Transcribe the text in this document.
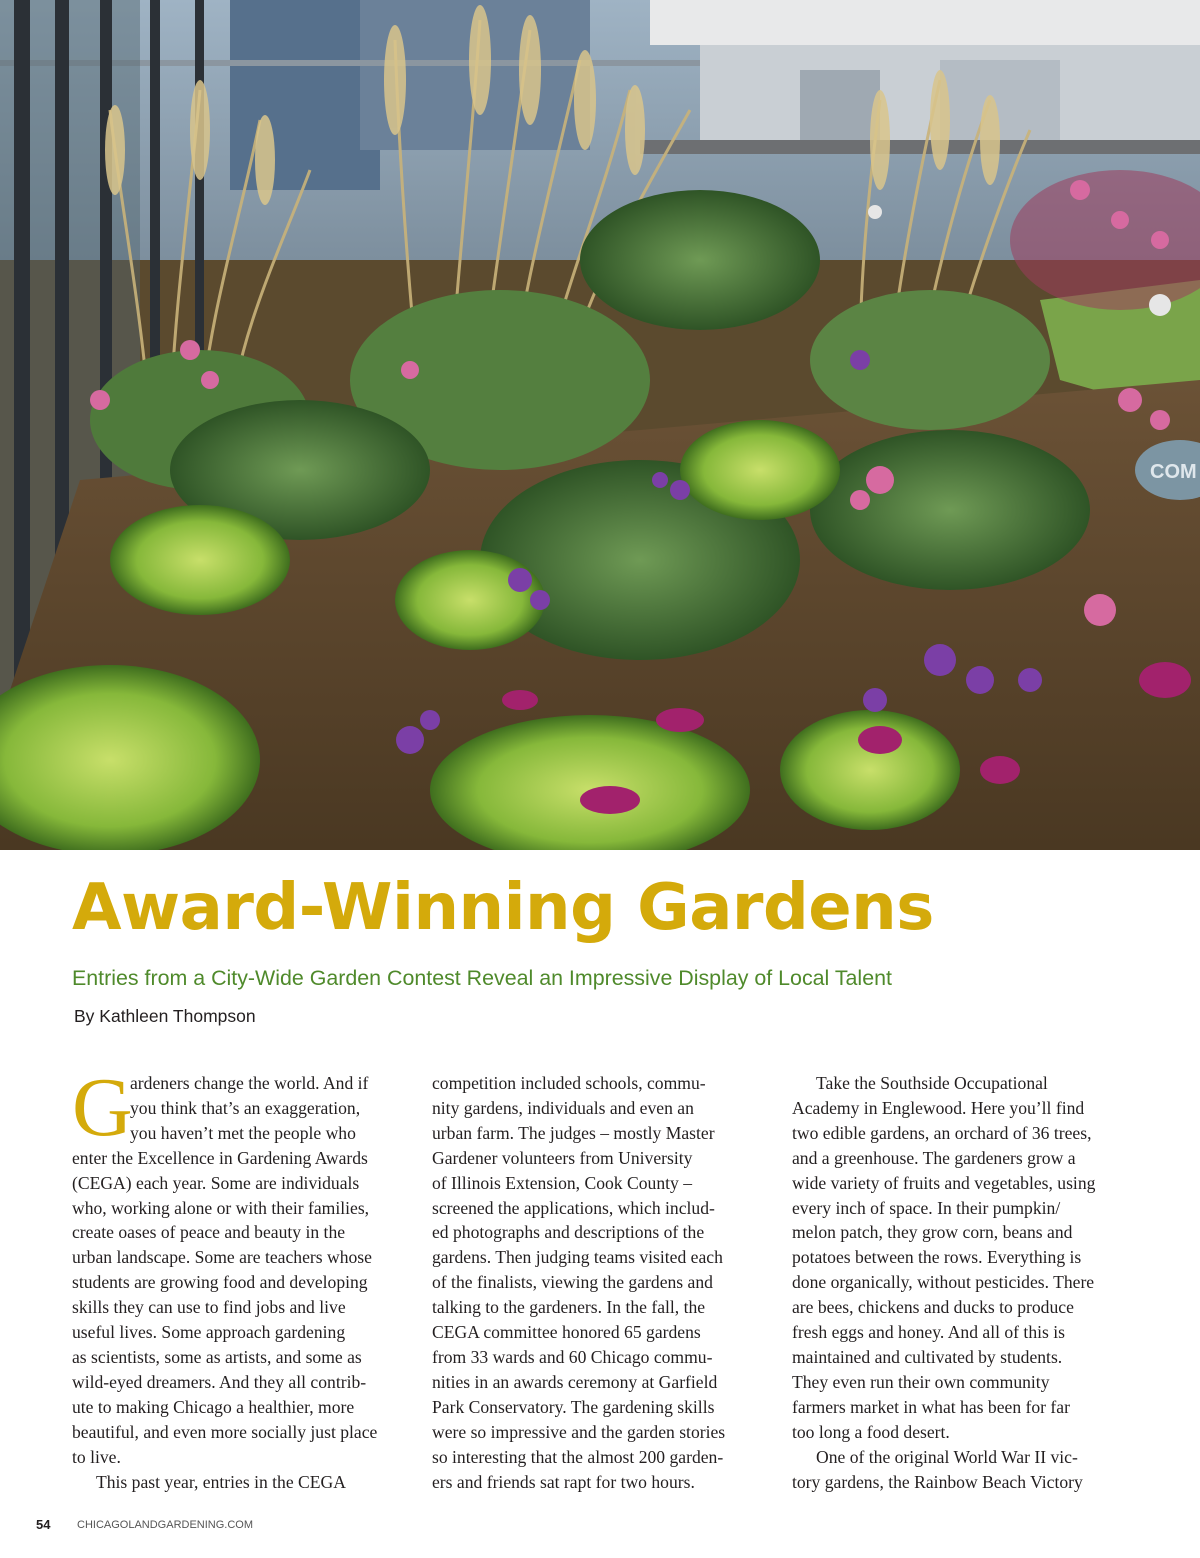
COM
Award-Winning Gardens

Entries from a City-Wide Garden Contest Reveal an Impressive Display of Local Talent

By Kathleen Thompson

G

ardeners change the world. And if

you think that’s an exaggeration,

you haven’t met the people who

enter the Excellence in Gardening Awards

(CEGA) each year. Some are individuals

who, working alone or with their families,

create oases of peace and beauty in the

urban landscape. Some are teachers whose

students are growing food and developing

skills they can use to find jobs and live

useful lives. Some approach gardening

as scientists, some as artists, and some as

wild-eyed dreamers. And they all contrib-

ute to making Chicago a healthier, more

beautiful, and even more socially just place

to live.

This past year, entries in the CEGA

competition included schools, commu-

nity gardens, individuals and even an

urban farm. The judges – mostly Master

Gardener volunteers from University

of Illinois Extension, Cook County –

screened the applications, which includ-

ed photographs and descriptions of the

gardens. Then judging teams visited each

of the finalists, viewing the gardens and

talking to the gardeners. In the fall, the

CEGA committee honored 65 gardens

from 33 wards and 60 Chicago commu-

nities in an awards ceremony at Garfield

Park Conservatory. The gardening skills

were so impressive and the garden stories

so interesting that the almost 200 garden-

ers and friends sat rapt for two hours.

Take the Southside Occupational

Academy in Englewood. Here you’ll find

two edible gardens, an orchard of 36 trees,

and a greenhouse. The gardeners grow a

wide variety of fruits and vegetables, using

every inch of space. In their pumpkin/

melon patch, they grow corn, beans and

potatoes between the rows. Everything is

done organically, without pesticides. There

are bees, chickens and ducks to produce

fresh eggs and honey. And all of this is

maintained and cultivated by students.

They even run their own community

farmers market in what has been for far

too long a food desert.

One of the original World War II vic-

tory gardens, the Rainbow Beach Victory

54 CHICAGOLANDGARDENING.COM
